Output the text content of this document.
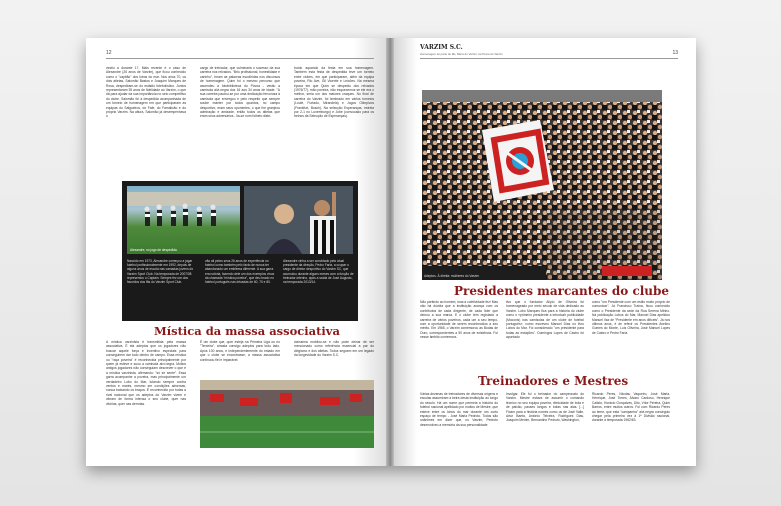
12
vestiu a durante 17. Mais recente é o caso de Alexandre (26 anos de Varzim), que ficou conhecido como o "capitão" dos lobos do mar. Nos anos 70, os dois atletas, Salomão Bastos e Joaquim Marques de Rosa, despediram-se do estádio futebolístico. Juntos representaram 35 anos de fidelidade ao Varzim, o que dá para ajudar da sua importância no seio competitivo do clube. Salomão foi a despedida acompanhada de um torneio de homenagem em que participaram as equipas do Salgueiros, do Fafe, do Famalicão e do próprio Varzim. Na altura, Salomão já desempenhava o
cargo de treinador, que culminaria o sucesso da sua carreira nos relvados. "Brio profissional, honestidade e carinho", foram as palavras escolhidas nos discursos de homenagem. Quim foi o mesmo percurso que ascendeu à fotobiblioteca do Póvoa - vestiu a camisola alvi-negra dos 16 aos 34 anos de idade. "A sua carreira pautou-se por uma dedicação fervorosa à camisola que envergou e pelo respeito que sempre soube manter por todos quantos, no campo desportivo, eram seus oponentes, o que lhe granjeou admiração e amizade, então todos os atletas que eram seus adversários - lia-se num folheto distri-
buído aquando da festa em sua homenagem. Também esta festa de despedida teve um torneio entre clubes, em que participaram, além da equipa poveira, Rio Ave, Gil Vicente e Leixões. Na mesma época em que Quim se despediu dos relvados (1976/77), mão poveira, não esquecemos se ele era o melhor, seria um dos maiores craques. No final de carreira do Varzim, foi lembrado em vários torneios (Loulé, Furtado, Mirandela) e Jogos Olímpicos (Frankfurt, Bosch). Na selecção Esperanças, estreia por 2-1 no Luxemburgo) e Jobe (convocado para os treinos da Selecção de Esperanças).
Alexandre, no jogo de despedida.
Nascido em 1973, Alexandre começou a jogar futebol profissionalmente em 1992, depois de alguns anos de escola nas camadas jovens do Varzim Sport Club. Na temporada de 2007/08 representou o Captain. Sempre fez um dos favoritos dos fãs do Varzim Sport Club.
vão ali pelos seus 26 anos de experiência no futebol como também pelo facto de nunca ter abandonado um emblema diferente. A sua garra era notória, fazendo dele um dos exemplos vivos da chamada "mística poveira", que deu brado no futebol português nas décadas de 60, 70 e 80.
Alexandre vinha a ser convidado pelo atual presidente da direção, Pedro Faria, a ocupar o cargo de diretor desportivo do Varzim SC, que acumulou durante alguns meses com a função de treinador-interino, após a saída de José Augusto, na temporada 2013/14.
Mística da massa associativa
A mística varzinista é transmitida pela massa associativa. É ela adeptos que os jogadores não buscar aquele força e incentivo especiais para conseguirem dar tudo dentro de campo. Essa mística ou "raça poveira" é reconhecida principalmente por quem já esteve e suou a camisola alvi-negra. Muitos antigos jogadores não conseguiam descrever o que é a mística varzinista, afirmando: "só se sente". Essa garra acompanhe a poveira, mas principalmente um verdadeiro Lobo do Mar, lutando sempre contra ventos e marés, mesmo em condições adversas, nunca baixando os braços. É reconhecido por todas a rival nacional que os adeptos do Varzim vivem e vibram de forma intensa o seu clube, quer nas vitórias, quer nas derrotas.
É um clube que, quer esteja na Primeira Liga ou no "Terceira", arrasta consigo adeptos para todo lado. Após 100 anos, e independentemente do estado em que o clube se encontrasse, a massa associativa continuou fiel e imparável.
claíssima mobilou-se e não pode deixar de ser mencionado como referência essencial a par do dirigismo e dos atletas. Todos seguem em um legado da longevidade do Varzim S.C.
VARZIM S.C.
Homenagem de parte de fãs, Barra do Varzim na Póvoa do Varzim	13
Adeptos. À direita: mulheres do Varzim
Presidentes marcantes do clube
Não partindo ao homem, mas a coletividade fez! Mas não há dúvida que a instituição avança com os contributos de cada dirigente, de cada líder que deixou a sua marca. E o clube tem registado a carreira de vários poveiros, cada um a seu tempo, com a oportunidade de serem reconhecidos a seu mérito. Em 1965, o Varzim comemorou as Bodas de Ouro, correspondentes a 50 anos de existência. Foi nesse âmbito comemora-
tivo que o fundador Alípio de Oliveira foi homenageado por meio século de vida dedicado ao Varzim. Lobo Marques fica para a história do clube como o «primeiro presidente a introduzir publicidade (Mocovis) nas camisolas de um clube de futebol português», como escreveu Manuel Dias no livro Lobos do Mar. Foi considerado "um presidente para todas as estações". Domingos Lopes de Castro foi apontado
como "um Presidente com um estilo muito próprio de comunicar". Já Francisco Traina, ficou conhecido como o Presidente da sede da Rua Serena Minho. Na publicação Lobos do Mar, Manuel Dias apelidou Manuel Vaz de "Presidente em anos difíceis". Já nos últimos anos, é de referir os Presidentes Avelino Gomes do Monte, Luís Oliveira, José Manuel Lopes de Castro e Pedro Faria.
Treinadores e Mestres
Várias dezenas de treinadores de diversas origens e escolas assumiram a beira desta instituição ao longo do século. Há um nome que permeia a história do futebol nacional apelidado por muitos de Mestre, que esteve entre os lobos do mar durante um curto espaço de tempo - José Maria Pedroto. Todos são unânimes em dizer que, no Varzim, Pedroto desenvolveu a memória da sua personalidade
invulgar. Ele foi o treinador do campeonato do Varzim. Mestre estava de assumir o comando técnico no seu equipa poveira, ritmicidade de bola e de paixão, passes longos e bolas nas alas. [...] Ficam para a história nomes como os de José Valle, Artur Baeta, António Teixeira, Rodrigues Dias, Joaquim Meirim, Bernardino Pedroto, Washington,
Ricardo Peres, Nicolau Vaqueiro, José Maria, Henrique, José Torres, Álvaro Cardoso, Henrique Calisto, Horácio Gonçalves, Dito, Vítor Pereira, Quim Barros, entre muitos outros. Foi com Ricardo Peres ao leme, que esta "campanha" alvi-negra conseguiu chegar pela primeira vez à 1ª Divisão nacional, durante a temporada 1962/63.
